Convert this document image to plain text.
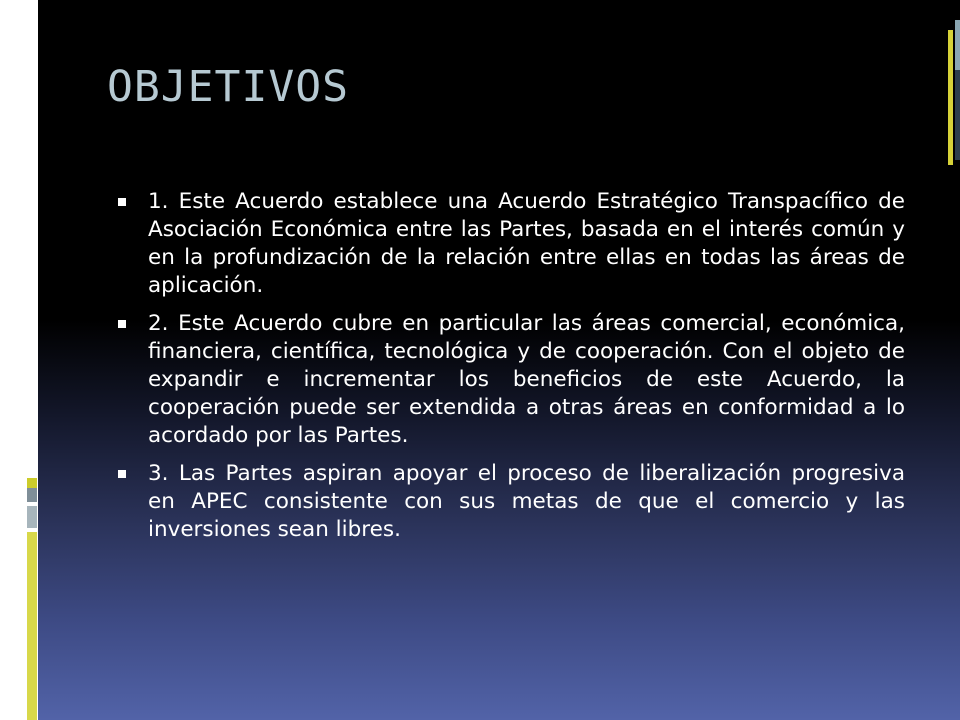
OBJETIVOS
1. Este Acuerdo establece una Acuerdo Estratégico Transpacífico de Asociación Económica entre las Partes, basada en el interés común y en la profundización de la relación entre ellas en todas las áreas de aplicación.
2. Este Acuerdo cubre en particular las áreas comercial, económica, financiera, científica, tecnológica y de cooperación. Con el objeto de expandir e incrementar los beneficios de este Acuerdo, la cooperación puede ser extendida a otras áreas en conformidad a lo acordado por las Partes.
3. Las Partes aspiran apoyar el proceso de liberalización progresiva en APEC consistente con sus metas de que el comercio y las inversiones sean libres.
